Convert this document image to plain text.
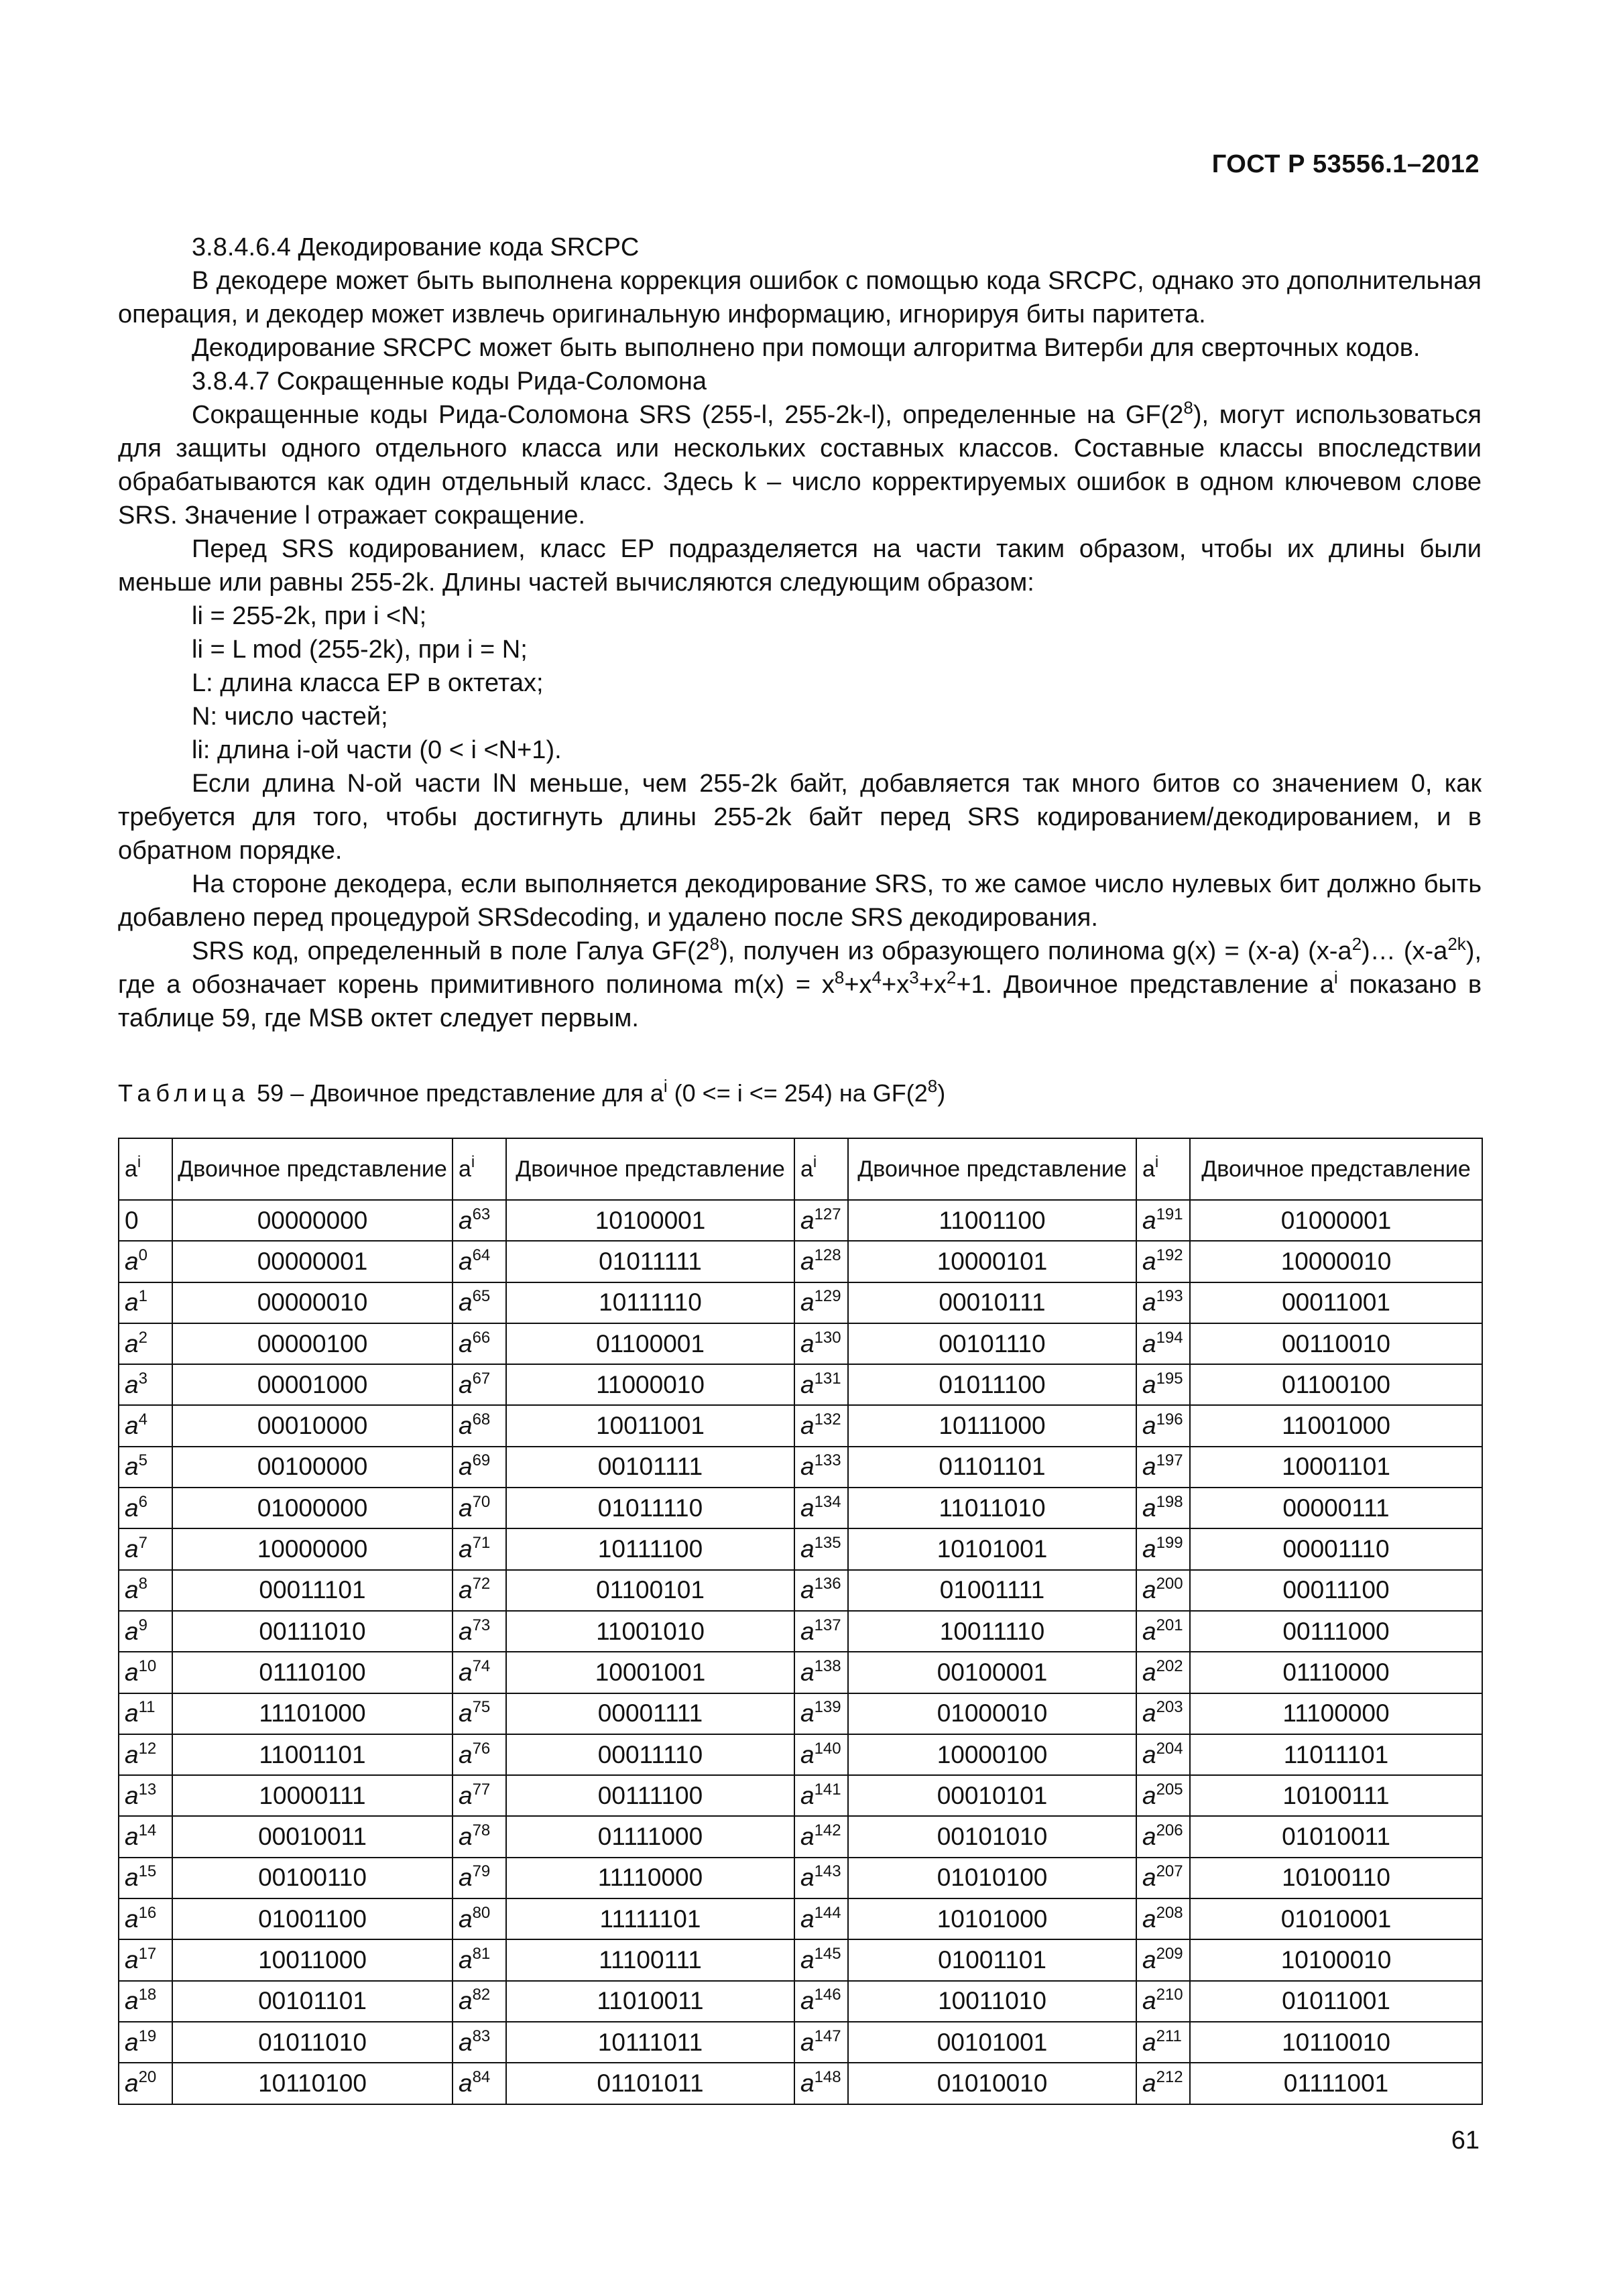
ГОСТ Р 53556.1–2012

3.8.4.6.4 Декодирование кода SRCPC

В декодере может быть выполнена коррекция ошибок с помощью кода SRCPC, однако это дополнительная операция, и декодер может извлечь оригинальную информацию, игнорируя биты паритета.

Декодирование SRCPC может быть выполнено при помощи алгоритма Витерби для сверточных кодов.

3.8.4.7 Сокращенные коды Рида-Соломона

Сокращенные коды Рида-Соломона SRS (255-l, 255-2k-l), определенные на $GF(2^8)$, могут использоваться для защиты одного отдельного класса или нескольких составных классов. Составные классы впоследствии обрабатываются как один отдельный класс. Здесь k – число корректируемых ошибок в одном ключевом слове SRS. Значение l отражает сокращение.

Перед SRS кодированием, класс EP подразделяется на части таким образом, чтобы их длины были меньше или равны 255-2k. Длины частей вычисляются следующим образом:

li = 255-2k, при i <N;

li = L mod (255-2k), при i = N;

L: длина класса EP в октетах;

N: число частей;

li: длина i-ой части (0 < i <N+1).

Если длина N-ой части lN меньше, чем 255-2k байт, добавляется так много битов со значением 0, как требуется для того, чтобы достигнуть длины 255-2k байт перед SRS кодированием/декодированием, и в обратном порядке.

На стороне декодера, если выполняется декодирование SRS, то же самое число нулевых бит должно быть добавлено перед процедурой SRSdecoding, и удалено после SRS декодирования.

SRS код, определенный в поле Галуа $GF(2^8)$, получен из образующего полинома g(x) = (x-a) $(x-a^2)\dots$ $(x-a^{2k})$, где a обозначает корень примитивного полинома $m(x) = x^8+x^4+x^3+x^2+1$. Двоичное представление $a^i$ показано в таблице 59, где MSB октет следует первым.

Таблица 59 – Двоичное представление для $a^i$ (0 <= i <= 254) на $GF(2^8)$
$a^i$	Двоичное представление	$a^i$	Двоичное представление	$a^i$	Двоичное представление	$a^i$	Двоичное представление
0	00000000	$a^{63}$	10100001	$a^{127}$	11001100	$a^{191}$	01000001
$a^0$	00000001	$a^{64}$	01011111	$a^{128}$	10000101	$a^{192}$	10000010
$a^1$	00000010	$a^{65}$	10111110	$a^{129}$	00010111	$a^{193}$	00011001
$a^2$	00000100	$a^{66}$	01100001	$a^{130}$	00101110	$a^{194}$	00110010
$a^3$	00001000	$a^{67}$	11000010	$a^{131}$	01011100	$a^{195}$	01100100
$a^4$	00010000	$a^{68}$	10011001	$a^{132}$	10111000	$a^{196}$	11001000
$a^5$	00100000	$a^{69}$	00101111	$a^{133}$	01101101	$a^{197}$	10001101
$a^6$	01000000	$a^{70}$	01011110	$a^{134}$	11011010	$a^{198}$	00000111
$a^7$	10000000	$a^{71}$	10111100	$a^{135}$	10101001	$a^{199}$	00001110
$a^8$	00011101	$a^{72}$	01100101	$a^{136}$	01001111	$a^{200}$	00011100
$a^9$	00111010	$a^{73}$	11001010	$a^{137}$	10011110	$a^{201}$	00111000
$a^{10}$	01110100	$a^{74}$	10001001	$a^{138}$	00100001	$a^{202}$	01110000
$a^{11}$	11101000	$a^{75}$	00001111	$a^{139}$	01000010	$a^{203}$	11100000
$a^{12}$	11001101	$a^{76}$	00011110	$a^{140}$	10000100	$a^{204}$	11011101
$a^{13}$	10000111	$a^{77}$	00111100	$a^{141}$	00010101	$a^{205}$	10100111
$a^{14}$	00010011	$a^{78}$	01111000	$a^{142}$	00101010	$a^{206}$	01010011
$a^{15}$	00100110	$a^{79}$	11110000	$a^{143}$	01010100	$a^{207}$	10100110
$a^{16}$	01001100	$a^{80}$	11111101	$a^{144}$	10101000	$a^{208}$	01010001
$a^{17}$	10011000	$a^{81}$	11100111	$a^{145}$	01001101	$a^{209}$	10100010
$a^{18}$	00101101	$a^{82}$	11010011	$a^{146}$	10011010	$a^{210}$	01011001
$a^{19}$	01011010	$a^{83}$	10111011	$a^{147}$	00101001	$a^{211}$	10110010
$a^{20}$	10110100	$a^{84}$	01101011	$a^{148}$	01010010	$a^{212}$	01111001
61
